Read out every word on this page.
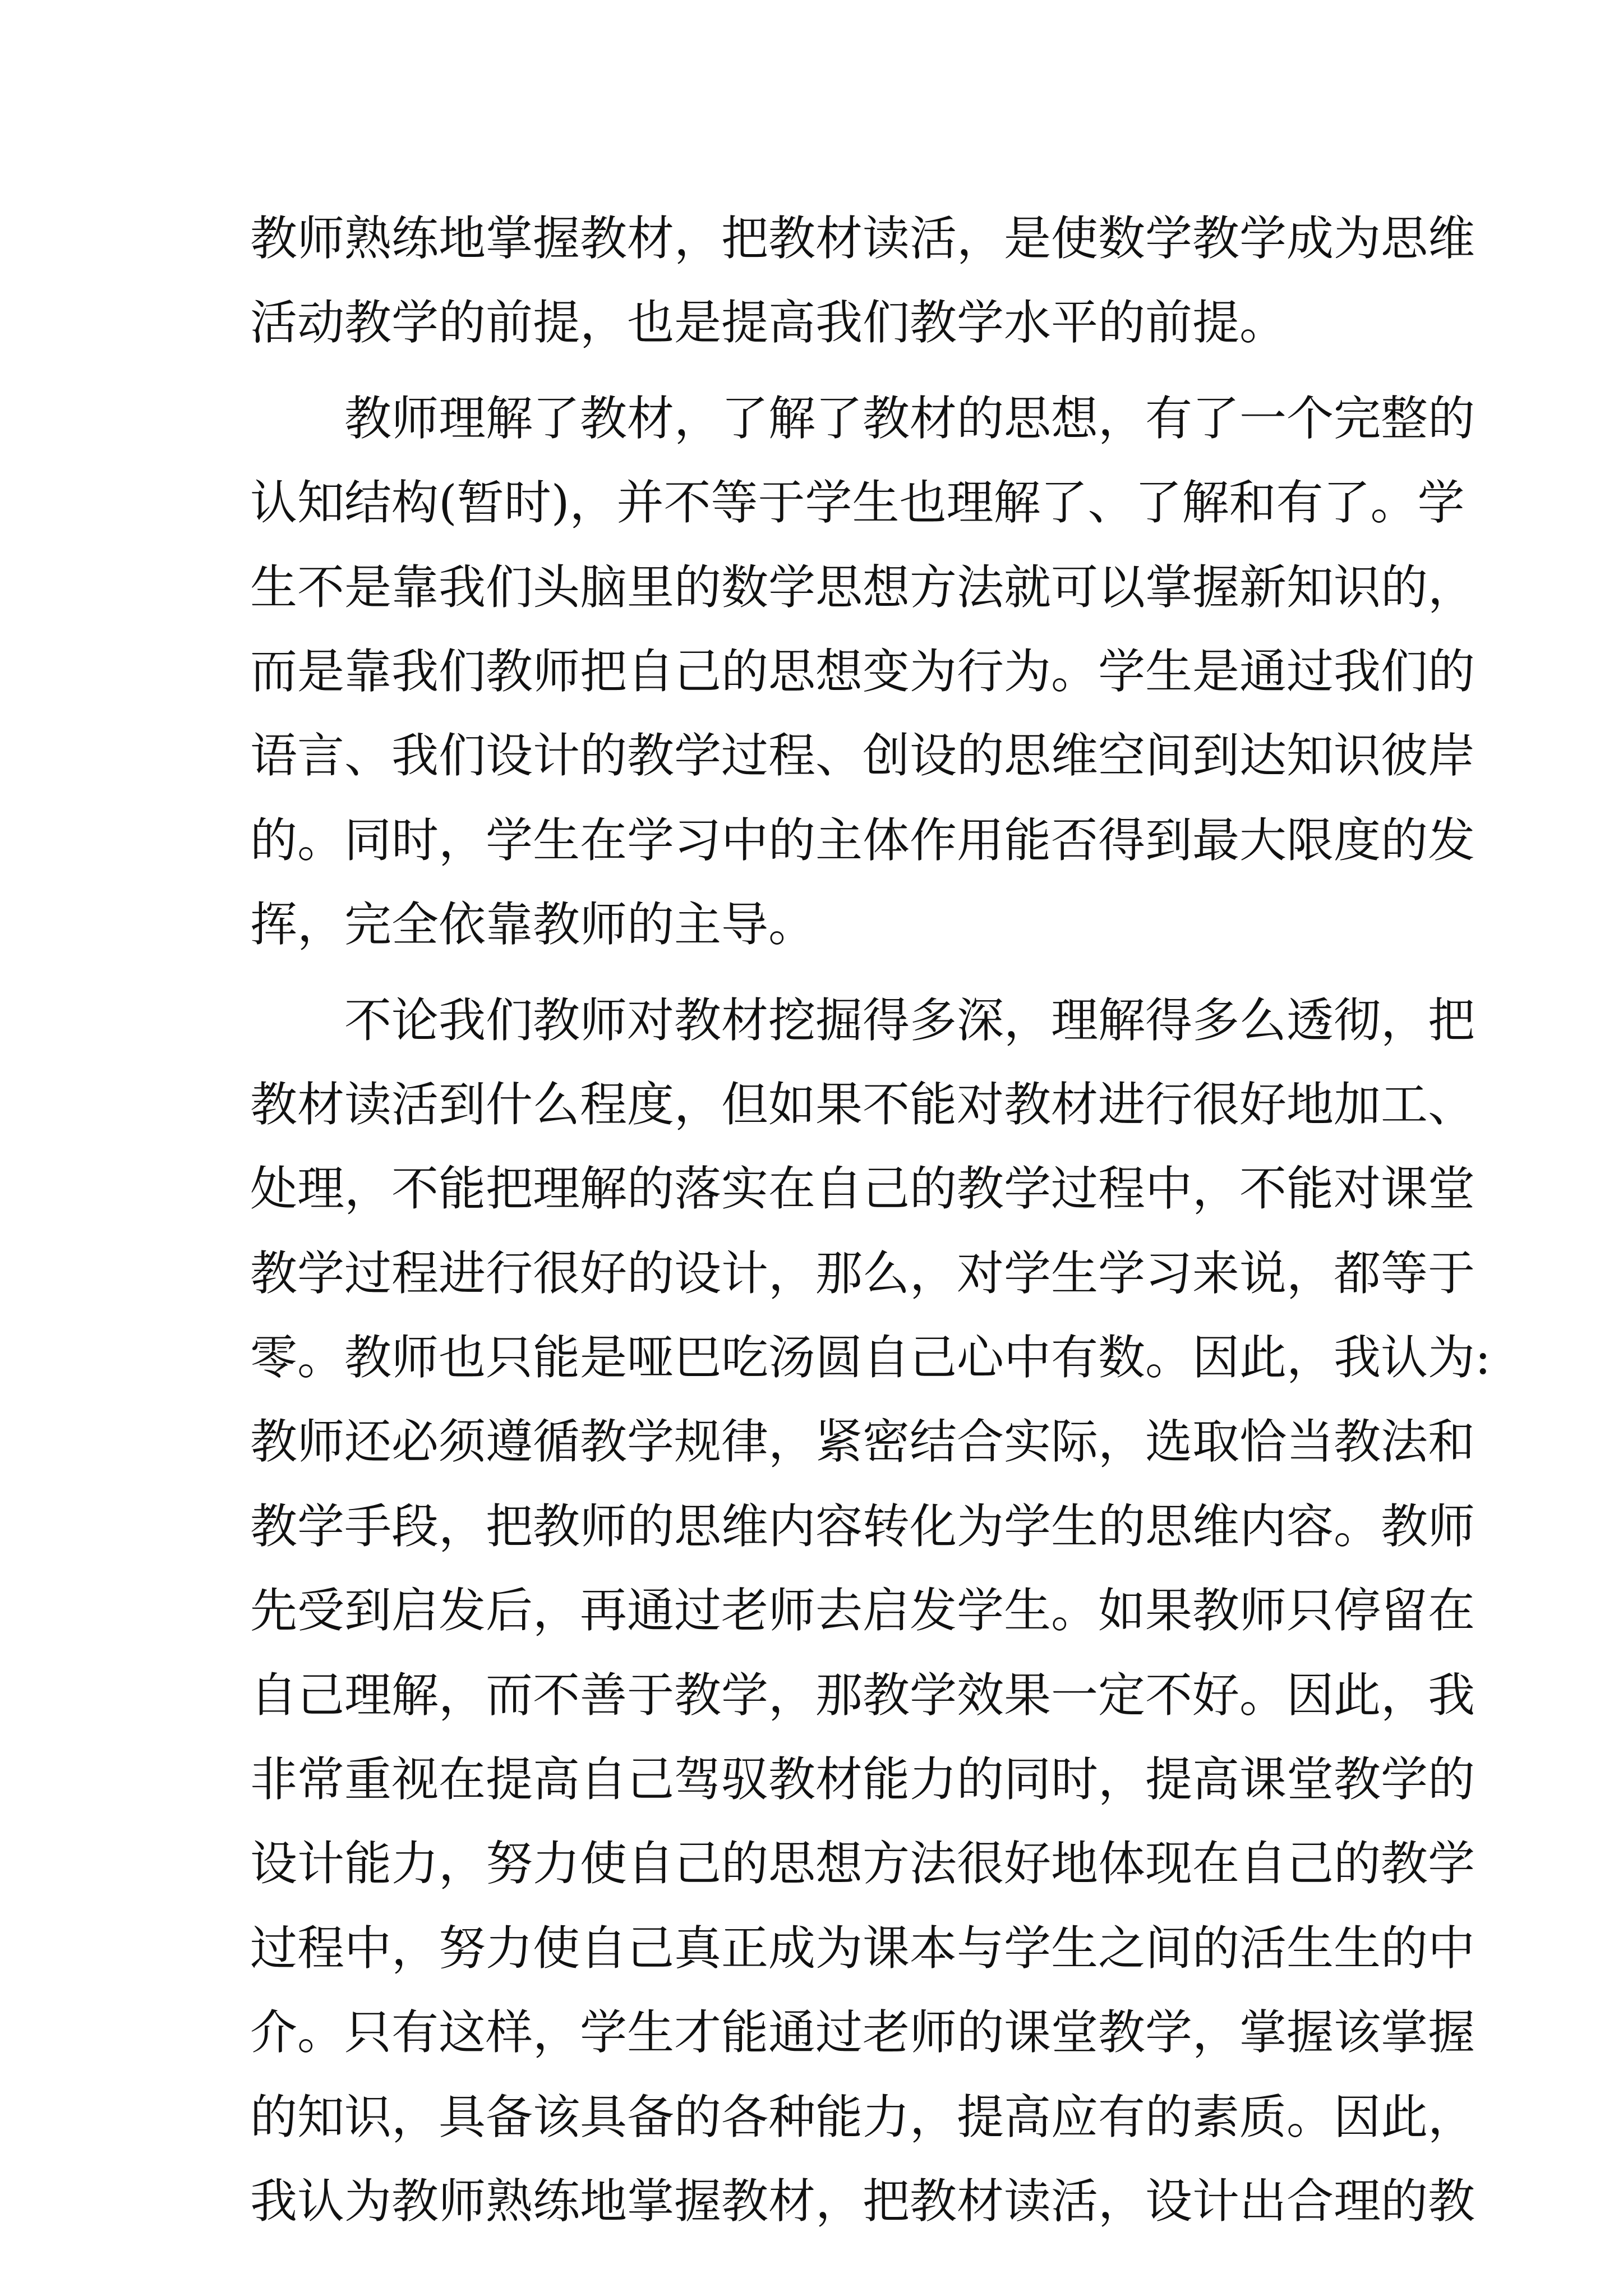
教师熟练地掌握教材，把教材读活，是使数学教学成为思维
活动教学的前提，也是提高我们教学水平的前提。
教师理解了教材，了解了教材的思想，有了一个完整的
认知结构(暂时)，并不等于学生也理解了、了解和有了。学
生不是靠我们头脑里的数学思想方法就可以掌握新知识的，
而是靠我们教师把自己的思想变为行为。学生是通过我们的
语言、我们设计的教学过程、创设的思维空间到达知识彼岸
的。同时，学生在学习中的主体作用能否得到最大限度的发
挥，完全依靠教师的主导。
不论我们教师对教材挖掘得多深，理解得多么透彻，把
教材读活到什么程度，但如果不能对教材进行很好地加工、
处理，不能把理解的落实在自己的教学过程中，不能对课堂
教学过程进行很好的设计，那么，对学生学习来说，都等于
零。教师也只能是哑巴吃汤圆自己心中有数。因此，我认为:
教师还必须遵循教学规律，紧密结合实际，选取恰当教法和
教学手段，把教师的思维内容转化为学生的思维内容。教师
先受到启发后，再通过老师去启发学生。如果教师只停留在
自己理解，而不善于教学，那教学效果一定不好。因此，我
非常重视在提高自己驾驭教材能力的同时，提高课堂教学的
设计能力，努力使自己的思想方法很好地体现在自己的教学
过程中，努力使自己真正成为课本与学生之间的活生生的中
介。只有这样，学生才能通过老师的课堂教学，掌握该掌握
的知识，具备该具备的各种能力，提高应有的素质。因此，
我认为教师熟练地掌握教材，把教材读活，设计出合理的教
